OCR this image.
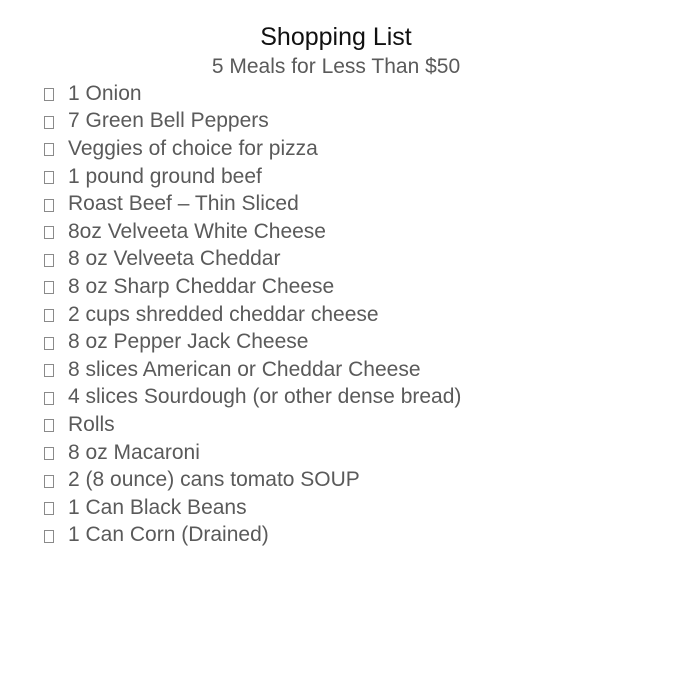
Shopping List
5 Meals for Less Than $50
1 Onion
7 Green Bell Peppers
Veggies of choice for pizza
1 pound ground beef
Roast Beef – Thin Sliced
8oz Velveeta White Cheese
8 oz Velveeta Cheddar
8 oz Sharp Cheddar Cheese
2 cups shredded cheddar cheese
8 oz Pepper Jack Cheese
8 slices American or Cheddar Cheese
4 slices Sourdough (or other dense bread)
Rolls
8 oz Macaroni
2 (8 ounce) cans tomato SOUP
1 Can Black Beans
1 Can Corn (Drained)
